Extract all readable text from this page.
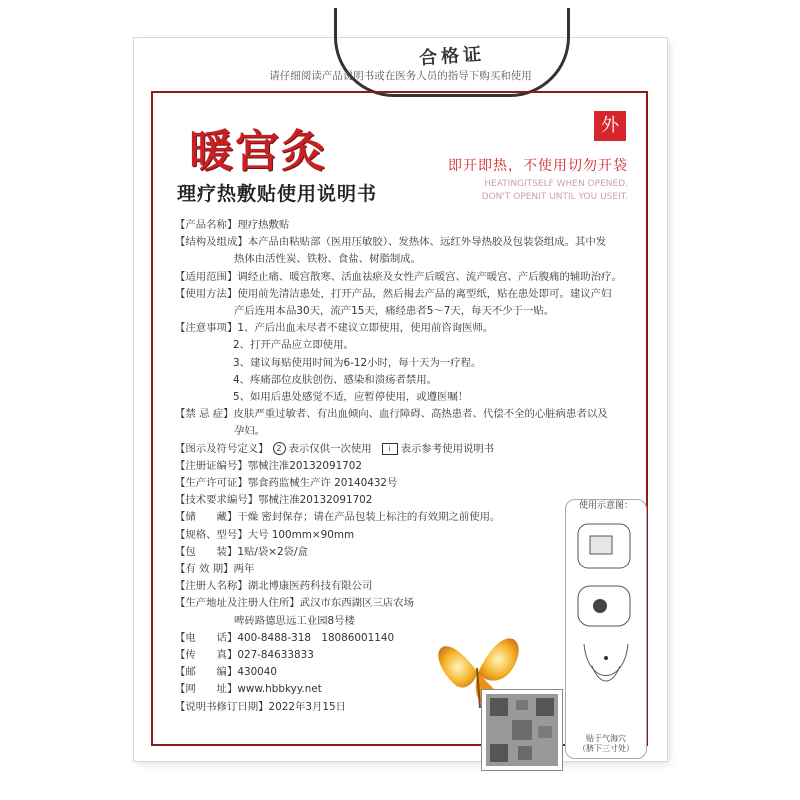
合格证
请仔细阅读产品说明书或在医务人员的指导下购买和使用
暖宫灸
理疗热敷贴使用说明书
外
即开即热，不使用切勿开袋
HEATINGITSELF WHEN OPENED,
DON'T OPENIT UNTIL YOU USEIT.
【产品名称】理疗热敷贴
【结构及组成】本产品由粘贴部（医用压敏胶）、发热体、远红外导热胶及包装袋组成。其中发
热体由活性炭、铁粉、食盐、树脂制成。
【适用范围】调经止痛、暖宫散寒、活血祛瘀及女性产后暖宫、流产暖宫、产后腹痛的辅助治疗。
【使用方法】使用前先清洁患处，打开产品，然后揭去产品的离型纸，贴在患处即可。建议产妇
产后连用本品30天，流产15天，痛经患者5～7天，每天不少于一贴。
【注意事项】1、产后出血未尽者不建议立即使用，使用前咨询医师。
2、打开产品应立即使用。
3、建议每贴使用时间为6-12小时，每十天为一疗程。
4、疼痛部位皮肤创伤、感染和溃疡者禁用。
5、如用后患处感觉不适，应暂停使用，或遵医嘱！
【禁 忌 症】皮肤严重过敏者、有出血倾向、血行障碍、高热患者、代偿不全的心脏病患者以及
孕妇。
【图示及符号定义】 2 表示仅供一次使用 i 表示参考使用说明书
【注册证编号】鄂械注准20132091702
【生产许可证】鄂食药监械生产许 20140432号
【技术要求编号】鄂械注准20132091702
【储　　藏】干燥 密封保存；请在产品包装上标注的有效期之前使用。
【规格、型号】大号 100mm×90mm
【包　　装】1贴/袋×2袋/盒
【有 效 期】两年
【注册人名称】湖北博康医药科技有限公司
【生产地址及注册人住所】武汉市东西湖区三店农场
啤砖路德思远工业园8号楼
【电　　话】400-8488-318　18086001140
【传　　真】027-84633833
【邮　　编】430040
【网　　址】www.hbbkyy.net
【说明书修订日期】2022年3月15日
使用示意图：
贴于气海穴
（脐下三寸处）
